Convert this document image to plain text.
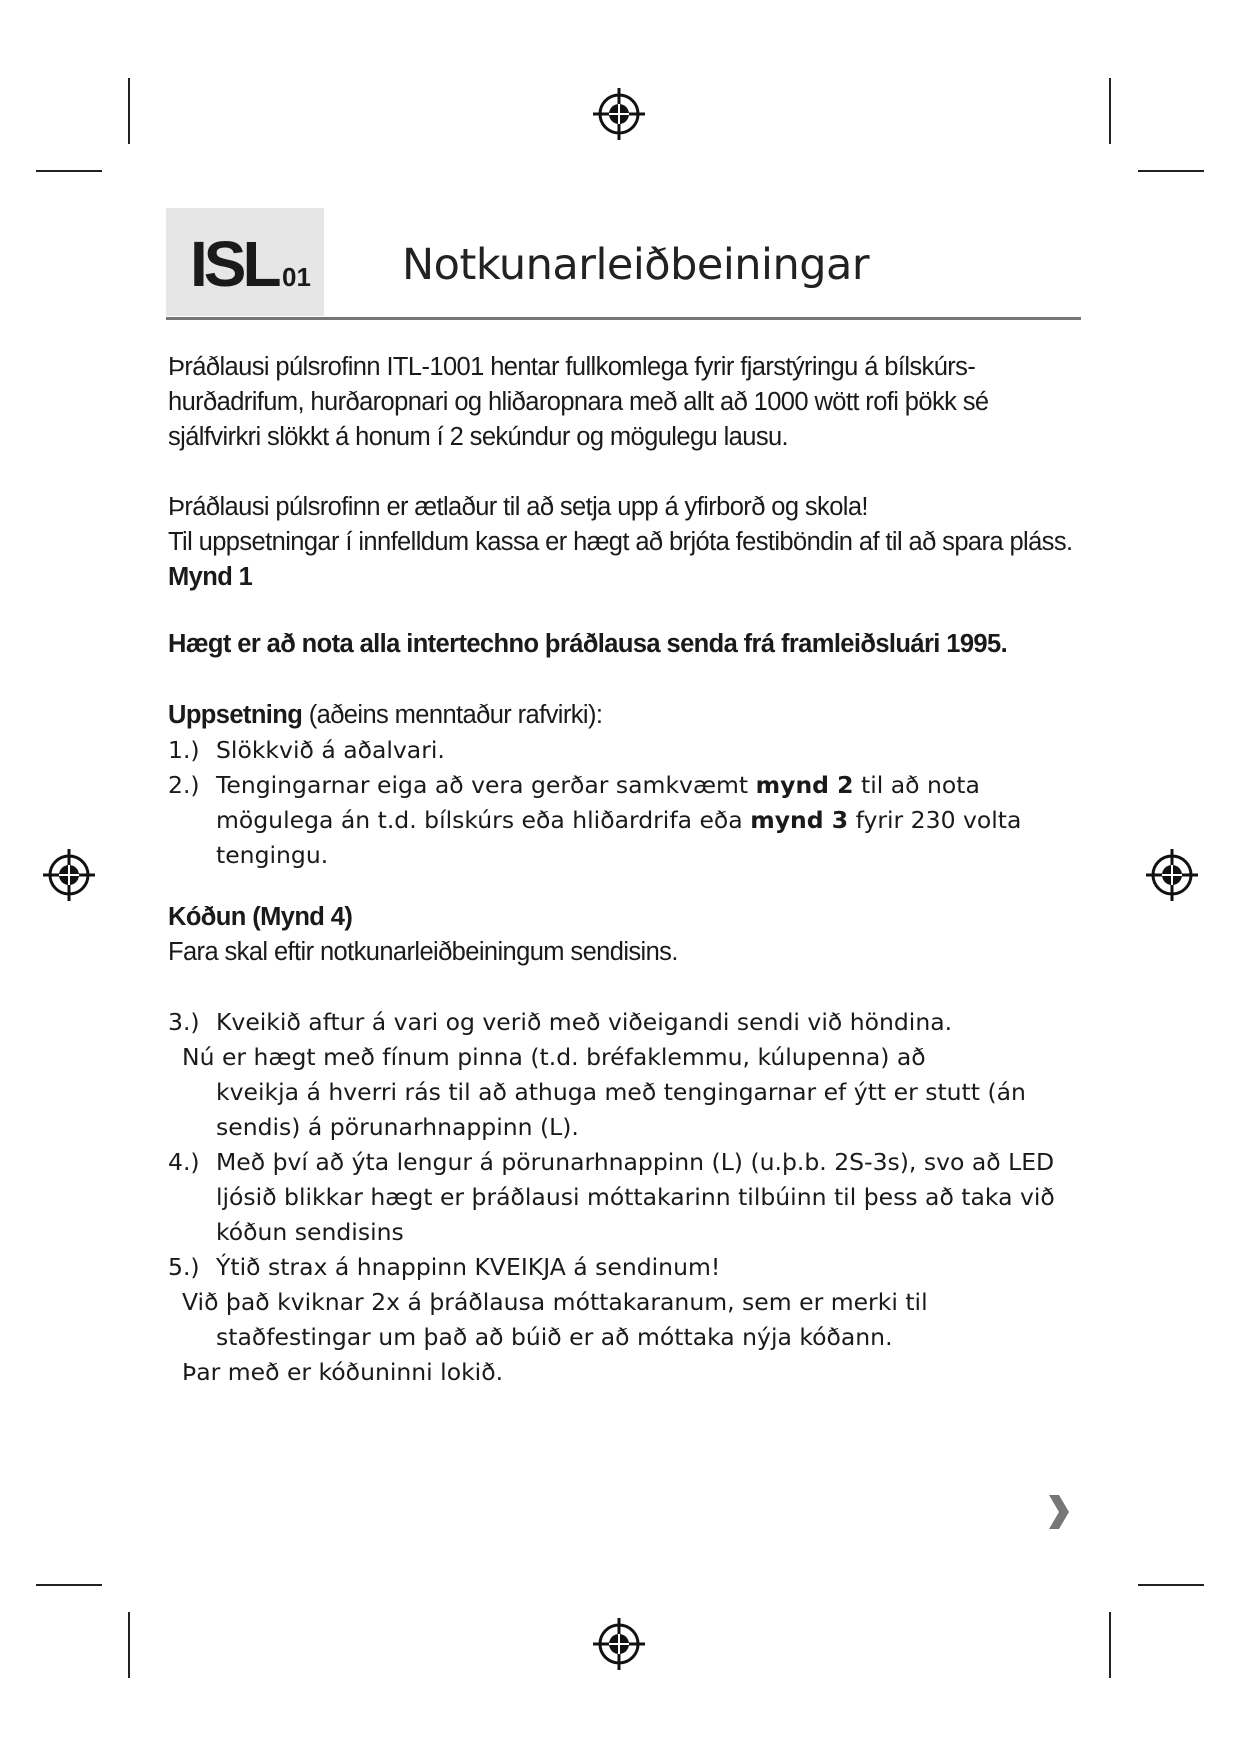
ISL 01 Notkunarleiðbeiningar

Þráðlausi púlsrofinn ITL-1001 hentar fullkomlega fyrir fjarstýringu á bílskúrs-hurðadrifum, hurðaropnari og hliðaropnara með allt að 1000 wött rofi þökk sé sjálfvirkri slökkt á honum í 2 sekúndur og mögulegu lausu.

Þráðlausi púlsrofinn er ætlaður til að setja upp á yfirborð og skola!

Til uppsetningar í innfelldum kassa er hægt að brjóta festiböndin af til að spara pláss. Mynd 1

Hægt er að nota alla intertechno þráðlausa senda frá framleiðsluári 1995.

Uppsetning (aðeins menntaður rafvirki):

1.) Slökkvið á aðalvari.
2.) Tengingarnar eiga að vera gerðar samkvæmt mynd 2 til að nota mögulega án t.d. bílskúrs eða hliðardrifa eða mynd 3 fyrir 230 volta tengingu.

Kóðun (Mynd 4)

Fara skal eftir notkunarleiðbeiningum sendisins.

3.) Kveikið aftur á vari og verið með viðeigandi sendi við höndina.
Nú er hægt með fínum pinna (t.d. bréfaklemmu, kúlupenna) að
kveikja á hverri rás til að athuga með tengingarnar ef ýtt er stutt (án sendis) á pörunarhnappinn (L).
4.) Með því að ýta lengur á pörunarhnappinn (L) (u.þ.b. 2S-3s), svo að LED ljósið blikkar hægt er þráðlausi móttakarinn tilbúinn til þess að taka við kóðun sendisins
5.) Ýtið strax á hnappinn KVEIKJA á sendinum!
Við það kviknar 2x á þráðlausa móttakaranum, sem er merki til
staðfestingar um það að búið er að móttaka nýja kóðann.
Þar með er kóðuninni lokið.
